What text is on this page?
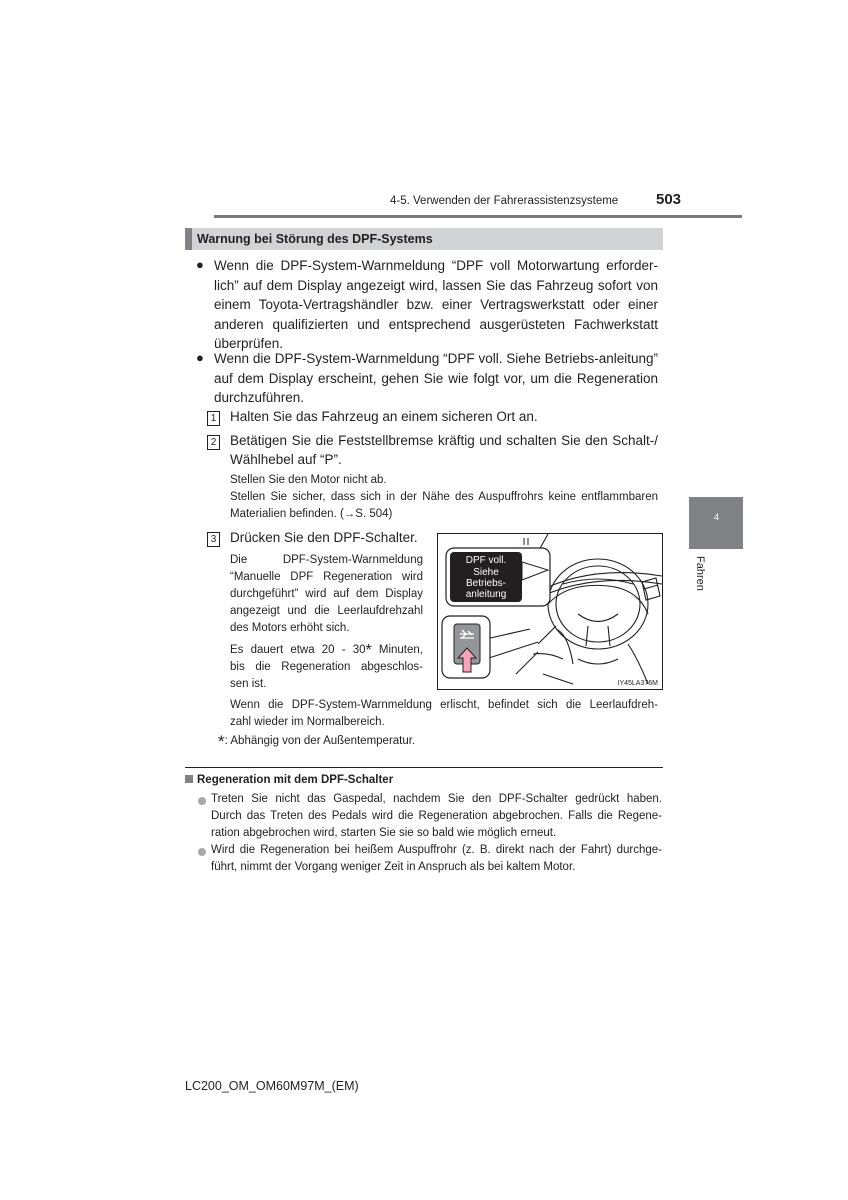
4-5. Verwenden der Fahrerassistenzsysteme	503
Warnung bei Störung des DPF-Systems
● Wenn die DPF-System-Warnmeldung “DPF voll Motorwartung erforder-

lich” auf dem Display angezeigt wird, lassen Sie das Fahrzeug sofort von

einem Toyota-Vertragshändler bzw. einer Vertragswerkstatt oder einer

anderen qualifizierten und entsprechend ausgerüsteten Fachwerkstatt

überprüfen.

● Wenn die DPF-System-Warnmeldung “DPF voll. Siehe Betriebs-anleitung”

auf dem Display erscheint, gehen Sie wie folgt vor, um die Regeneration

durchzuführen.

1 Halten Sie das Fahrzeug an einem sicheren Ort an.
2 Betätigen Sie die Feststellbremse kräftig und schalten Sie den Schalt-/
Wählhebel auf “P”.
Stellen Sie den Motor nicht ab.
Stellen Sie sicher, dass sich in der Nähe des Auspuffrohrs keine entflammbaren
Materialien befinden. (→S. 504)
3 Drücken Sie den DPF-Schalter.
Die DPF-System-Warnmeldung
“Manuelle DPF Regeneration wird
durchgeführt” wird auf dem Display
angezeigt und die Leerlaufdrehzahl
des Motors erhöht sich.
Es dauert etwa 20 - 30* Minuten,
bis die Regeneration abgeschlos-
sen ist.
DPF voll.
Siehe
Betriebs-
anleitung
IY45LA376M
Wenn die DPF-System-Warnmeldung erlischt, befindet sich die Leerlaufdreh-
zahl wieder im Normalbereich.
*: Abhängig von der Außentemperatur.
Regeneration mit dem DPF-Schalter
Treten Sie nicht das Gaspedal, nachdem Sie den DPF-Schalter gedrückt haben.
Durch das Treten des Pedals wird die Regeneration abgebrochen. Falls die Regene-
ration abgebrochen wird, starten Sie sie so bald wie möglich erneut.
Wird die Regeneration bei heißem Auspuffrohr (z. B. direkt nach der Fahrt) durchge-
führt, nimmt der Vorgang weniger Zeit in Anspruch als bei kaltem Motor.
4
Fahren
LC200_OM_OM60M97M_(EM)
